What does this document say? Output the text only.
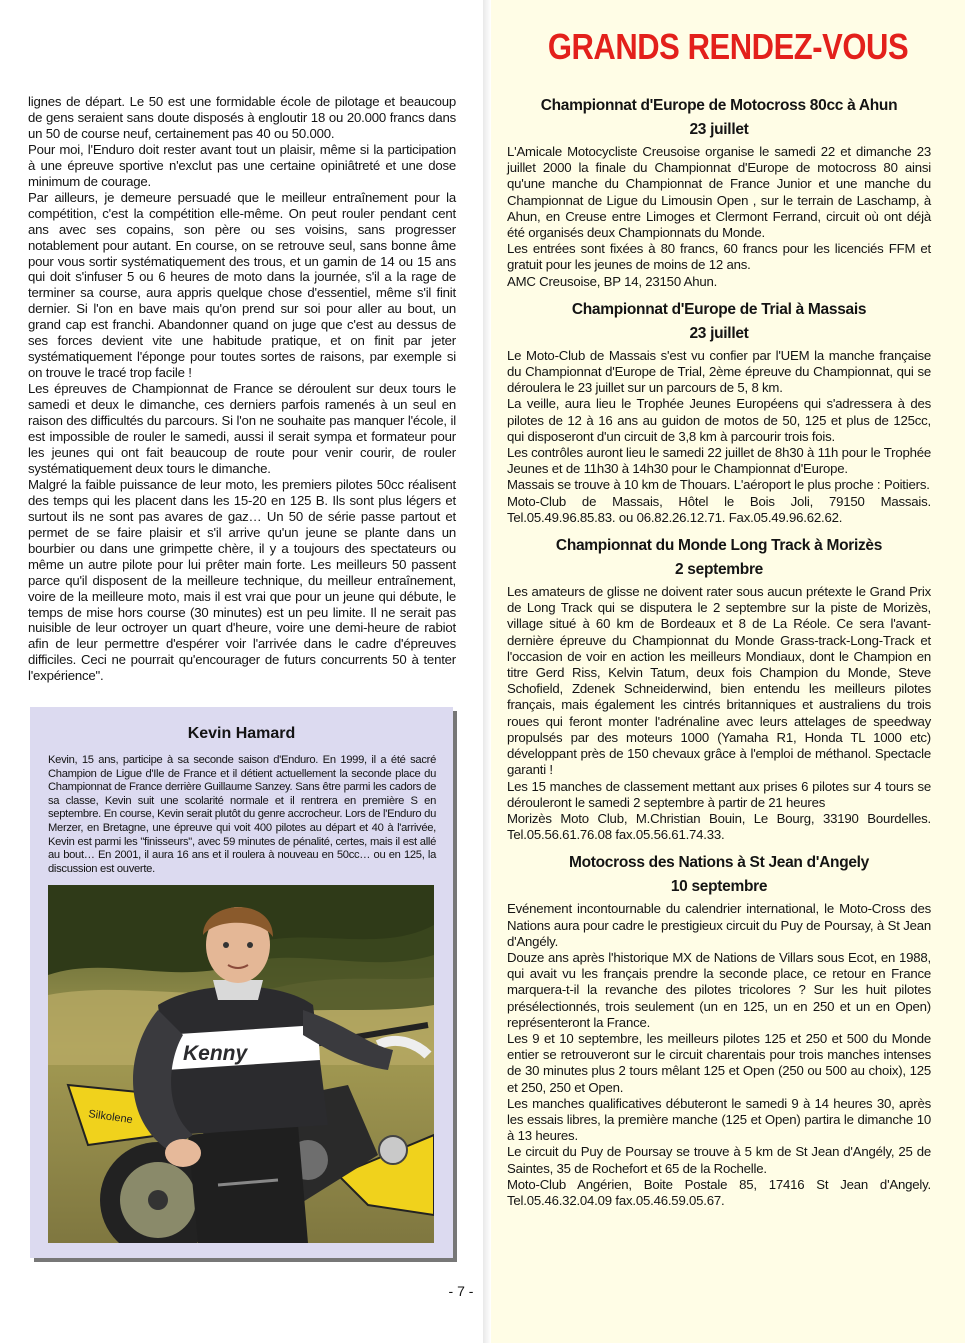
lignes de départ. Le 50 est une formidable école de pilotage et beaucoup de gens seraient sans doute disposés à engloutir 18 ou 20.000 francs dans un 50 de course neuf, certainement pas 40 ou 50.000.

Pour moi, l'Enduro doit rester avant tout un plaisir, même si la participation à une épreuve sportive n'exclut pas une certaine opiniâtreté et une dose minimum de courage.

Par ailleurs, je demeure persuadé que le meilleur entraînement pour la compétition, c'est la compétition elle-même. On peut rouler pendant cent ans avec ses copains, son père ou ses voisins, sans progresser notablement pour autant. En course, on se retrouve seul, sans bonne âme pour vous sortir systématiquement des trous, et un gamin de 14 ou 15 ans qui doit s'infuser 5 ou 6 heures de moto dans la journée, s'il a la rage de terminer sa course, aura appris quelque chose d'essentiel, même s'il finit dernier. Si l'on en bave mais qu'on prend sur soi pour aller au bout, un grand cap est franchi. Abandonner quand on juge que c'est au dessus de ses forces devient vite une habitude pratique, et on finit par jeter systématiquement l'éponge pour toutes sortes de raisons, par exemple si on trouve le tracé trop facile !

Les épreuves de Championnat de France se déroulent sur deux tours le samedi et deux le dimanche, ces derniers parfois ramenés à un seul en raison des difficultés du parcours. Si l'on ne souhaite pas manquer l'école, il est impossible de rouler le samedi, aussi il serait sympa et formateur pour les jeunes qui ont fait beaucoup de route pour venir courir, de rouler systématiquement deux tours le dimanche.

Malgré la faible puissance de leur moto, les premiers pilotes 50cc réalisent des temps qui les placent dans les 15-20 en 125 B. Ils sont plus légers et surtout ils ne sont pas avares de gaz… Un 50 de série passe partout et permet de se faire plaisir et s'il arrive qu'un jeune se plante dans un bourbier ou dans une grimpette chère, il y a toujours des spectateurs ou même un autre pilote pour lui prêter main forte. Les meilleurs 50 passent parce qu'il disposent de la meilleure technique, du meilleur entraînement, voire de la meilleure moto, mais il est vrai que pour un jeune qui débute, le temps de mise hors course (30 minutes) est un peu limite. Il ne serait pas nuisible de leur octroyer un quart d'heure, voire une demi-heure de rabiot afin de leur permettre d'espérer voir l'arrivée dans le cadre d'épreuves difficiles. Ceci ne pourrait qu'encourager de futurs concurrents 50 à tenter l'expérience".

Kevin Hamard

Kevin, 15 ans, participe à sa seconde saison d'Enduro. En 1999, il a été sacré Champion de Ligue d'Ile de France et il détient actuellement la seconde place du Championnat de France derrière Guillaume Sanzey. Sans être parmi les cadors de sa classe, Kevin suit une scolarité normale et il rentrera en première S en septembre. En course, Kevin serait plutôt du genre accrocheur. Lors de l'Enduro du Merzer, en Bretagne, une épreuve qui voit 400 pilotes au départ et 40 à l'arrivée, Kevin est parmi les "finisseurs", avec 59 minutes de pénalité, certes, mais il est allé au bout… En 2001, il aura 16 ans et il roulera à nouveau en 50cc… ou en 125, la discussion est ouverte.

Silkolene
Kenny
GRANDS RENDEZ-VOUS
Championnat d'Europe de Motocross 80cc à Ahun
23 juillet

L'Amicale Motocycliste Creusoise organise le samedi 22 et dimanche 23 juillet 2000 la finale du Championnat d'Europe de motocross 80 ainsi qu'une manche du Championnat de France Junior et une manche du Championnat de Ligue du Limousin Open , sur le terrain de Laschamp, à Ahun, en Creuse entre Limoges et Clermont Ferrand, circuit où ont déjà été organisés deux Championnats du Monde.

Les entrées sont fixées à 80 francs, 60 francs pour les licenciés FFM et gratuit pour les jeunes de moins de 12 ans.

AMC Creusoise, BP 14, 23150 Ahun.

Championnat d'Europe de Trial à Massais
23 juillet

Le Moto-Club de Massais s'est vu confier par l'UEM la manche française du Championnat d'Europe de Trial, 2ème épreuve du Championnat, qui se déroulera le 23 juillet sur un parcours de 5, 8 km.

La veille, aura lieu le Trophée Jeunes Européens qui s'adressera à des pilotes de 12 à 16 ans au guidon de motos de 50, 125 et plus de 125cc, qui disposeront d'un circuit de 3,8 km à parcourir trois fois.

Les contrôles auront lieu le samedi 22 juillet de 8h30 à 11h pour le Trophée Jeunes et de 11h30 à 14h30 pour le Championnat d'Europe.

Massais se trouve à 10 km de Thouars. L'aéroport le plus proche : Poitiers.

Moto-Club de Massais, Hôtel le Bois Joli, 79150 Massais. Tel.05.49.96.85.83. ou 06.82.26.12.71. Fax.05.49.96.62.62.

Championnat du Monde Long Track à Morizès
2 septembre

Les amateurs de glisse ne doivent rater sous aucun prétexte le Grand Prix de Long Track qui se disputera le 2 septembre sur la piste de Morizès, village situé à 60 km de Bordeaux et 8 de La Réole. Ce sera l'avant-dernière épreuve du Championnat du Monde Grass-track-Long-Track et l'occasion de voir en action les meilleurs Mondiaux, dont le Champion en titre Gerd Riss, Kelvin Tatum, deux fois Champion du Monde, Steve Schofield, Zdenek Schneiderwind, bien entendu les meilleurs pilotes français, mais également les cintrés britanniques et australiens du trois roues qui feront monter l'adrénaline avec leurs attelages de speedway propulsés par des moteurs 1000 (Yamaha R1, Honda TL 1000 etc) développant près de 150 chevaux grâce à l'emploi de méthanol. Spectacle garanti !

Les 15 manches de classement mettant aux prises 6 pilotes sur 4 tours se dérouleront le samedi 2 septembre à partir de 21 heures

Morizès Moto Club, M.Christian Bouin, Le Bourg, 33190 Bourdelles. Tel.05.56.61.76.08 fax.05.56.61.74.33.

Motocross des Nations à St Jean d'Angely
10 septembre

Evénement incontournable du calendrier international, le Moto-Cross des Nations aura pour cadre le prestigieux circuit du Puy de Poursay, à St Jean d'Angély.

Douze ans après l'historique MX de Nations de Villars sous Ecot, en 1988, qui avait vu les français prendre la seconde place, ce retour en France marquera-t-il la revanche des pilotes tricolores ? Sur les huit pilotes présélectionnés, trois seulement (un en 125, un en 250 et un en Open) représenteront la France.

Les 9 et 10 septembre, les meilleurs pilotes 125 et 250 et 500 du Monde entier se retrouveront sur le circuit charentais pour trois manches intenses de 30 minutes plus 2 tours mêlant 125 et Open (250 ou 500 au choix), 125 et 250, 250 et Open.

Les manches qualificatives débuteront le samedi 9 à 14 heures 30, après les essais libres, la première manche (125 et Open) partira le dimanche 10 à 13 heures.

Le circuit du Puy de Poursay se trouve à 5 km de St Jean d'Angély, 25 de Saintes, 35 de Rochefort et 65 de la Rochelle.

Moto-Club Angérien, Boite Postale 85, 17416 St Jean d'Angely. Tel.05.46.32.04.09 fax.05.46.59.05.67.

- 7 -
